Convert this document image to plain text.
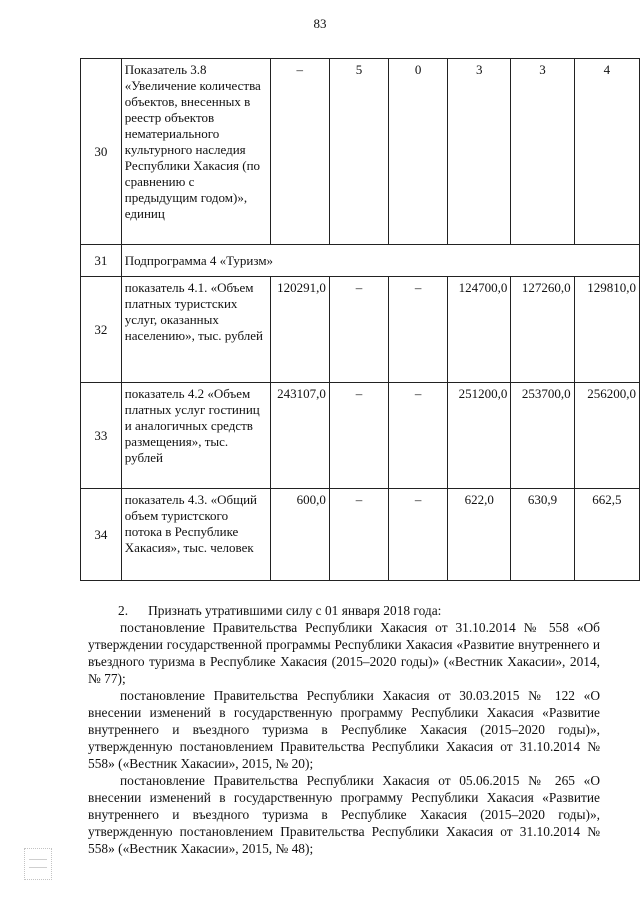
83
30	Показатель 3.8 «Увеличение количества объектов, внесенных в реестр объектов нематериального культурного наследия Республики Хакасия (по сравнению с предыдущим годом)», единиц	–	5	0	3	3	4
31	Подпрограмма 4 «Туризм»						
32	показатель 4.1. «Объем платных туристских услуг, оказанных населению», тыс. рублей	120291,0	–	–	124700,0	127260,0	129810,0
33	показатель 4.2 «Объем платных услуг гостиниц и аналогичных средств размещения», тыс. рублей	243107,0	–	–	251200,0	253700,0	256200,0
34	показатель 4.3. «Общий объем туристского потока в Республике Хакасия», тыс. человек	600,0	–	–	622,0	630,9	662,5

2.      Признать утратившими силу с 01 января 2018 года:

постановление Правительства Республики Хакасия от 31.10.2014 № 558 «Об утверждении государственной программы Республики Хакасия «Развитие внутреннего и въездного туризма в Республике Хакасия (2015–2020 годы)» («Вестник Хакасии», 2014, № 77);

постановление Правительства Республики Хакасия от 30.03.2015 № 122 «О внесении изменений в государственную программу Республики Хакасия «Развитие внутреннего и въездного туризма в Республике Хакасия (2015–2020 годы)», утвержденную постановлением Правительства Республики Хакасия от 31.10.2014 № 558» («Вестник Хакасии», 2015, № 20);

постановление Правительства Республики Хакасия от 05.06.2015 № 265 «О внесении изменений в государственную программу Республики Хакасия «Развитие внутреннего и въездного туризма в Республике Хакасия (2015–2020 годы)», утвержденную постановлением Правительства Республики Хакасия от 31.10.2014 № 558» («Вестник Хакасии», 2015, № 48);
